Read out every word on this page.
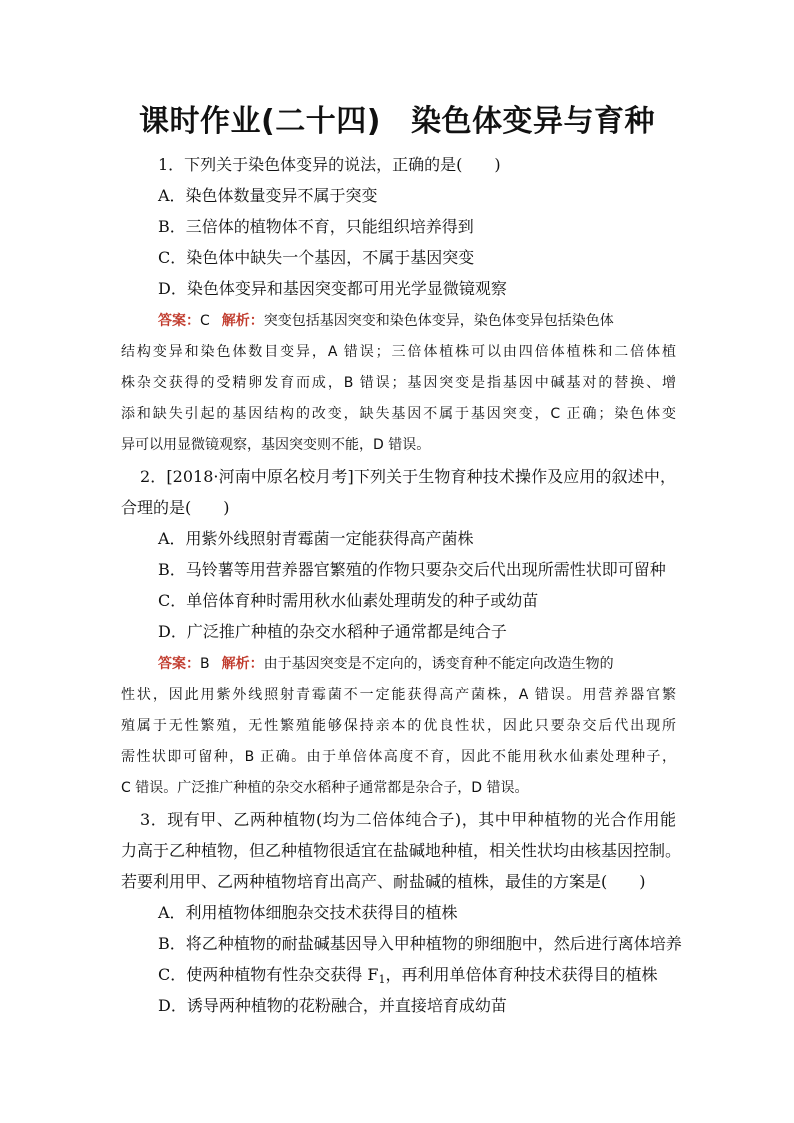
课时作业(二十四) 染色体变异与育种
1．下列关于染色体变异的说法，正确的是(　　)
A．染色体数量变异不属于突变
B．三倍体的植物体不育，只能组织培养得到
C．染色体中缺失一个基因，不属于基因突变
D．染色体变异和基因突变都可用光学显微镜观察
答案：C 解析：突变包括基因突变和染色体变异，染色体变异包括染色体
结构变异和染色体数目变异，A 错误；三倍体植株可以由四倍体植株和二倍体植
株杂交获得的受精卵发育而成，B 错误；基因突变是指基因中碱基对的替换、增
添和缺失引起的基因结构的改变，缺失基因不属于基因突变，C 正确；染色体变
异可以用显微镜观察，基因突变则不能，D 错误。
2．[2018·河南中原名校月考]下列关于生物育种技术操作及应用的叙述中，
合理的是(　　)
A．用紫外线照射青霉菌一定能获得高产菌株
B．马铃薯等用营养器官繁殖的作物只要杂交后代出现所需性状即可留种
C．单倍体育种时需用秋水仙素处理萌发的种子或幼苗
D．广泛推广种植的杂交水稻种子通常都是纯合子
答案：B 解析：由于基因突变是不定向的，诱变育种不能定向改造生物的
性状，因此用紫外线照射青霉菌不一定能获得高产菌株，A 错误。用营养器官繁
殖属于无性繁殖，无性繁殖能够保持亲本的优良性状，因此只要杂交后代出现所
需性状即可留种，B 正确。由于单倍体高度不育，因此不能用秋水仙素处理种子，
C 错误。广泛推广种植的杂交水稻种子通常都是杂合子，D 错误。
3．现有甲、乙两种植物(均为二倍体纯合子)，其中甲种植物的光合作用能
力高于乙种植物，但乙种植物很适宜在盐碱地种植，相关性状均由核基因控制。
若要利用甲、乙两种植物培育出高产、耐盐碱的植株，最佳的方案是(　　)
A．利用植物体细胞杂交技术获得目的植株
B．将乙种植物的耐盐碱基因导入甲种植物的卵细胞中，然后进行离体培养
C．使两种植物有性杂交获得 $F_1$，再利用单倍体育种技术获得目的植株
D．诱导两种植物的花粉融合，并直接培育成幼苗
